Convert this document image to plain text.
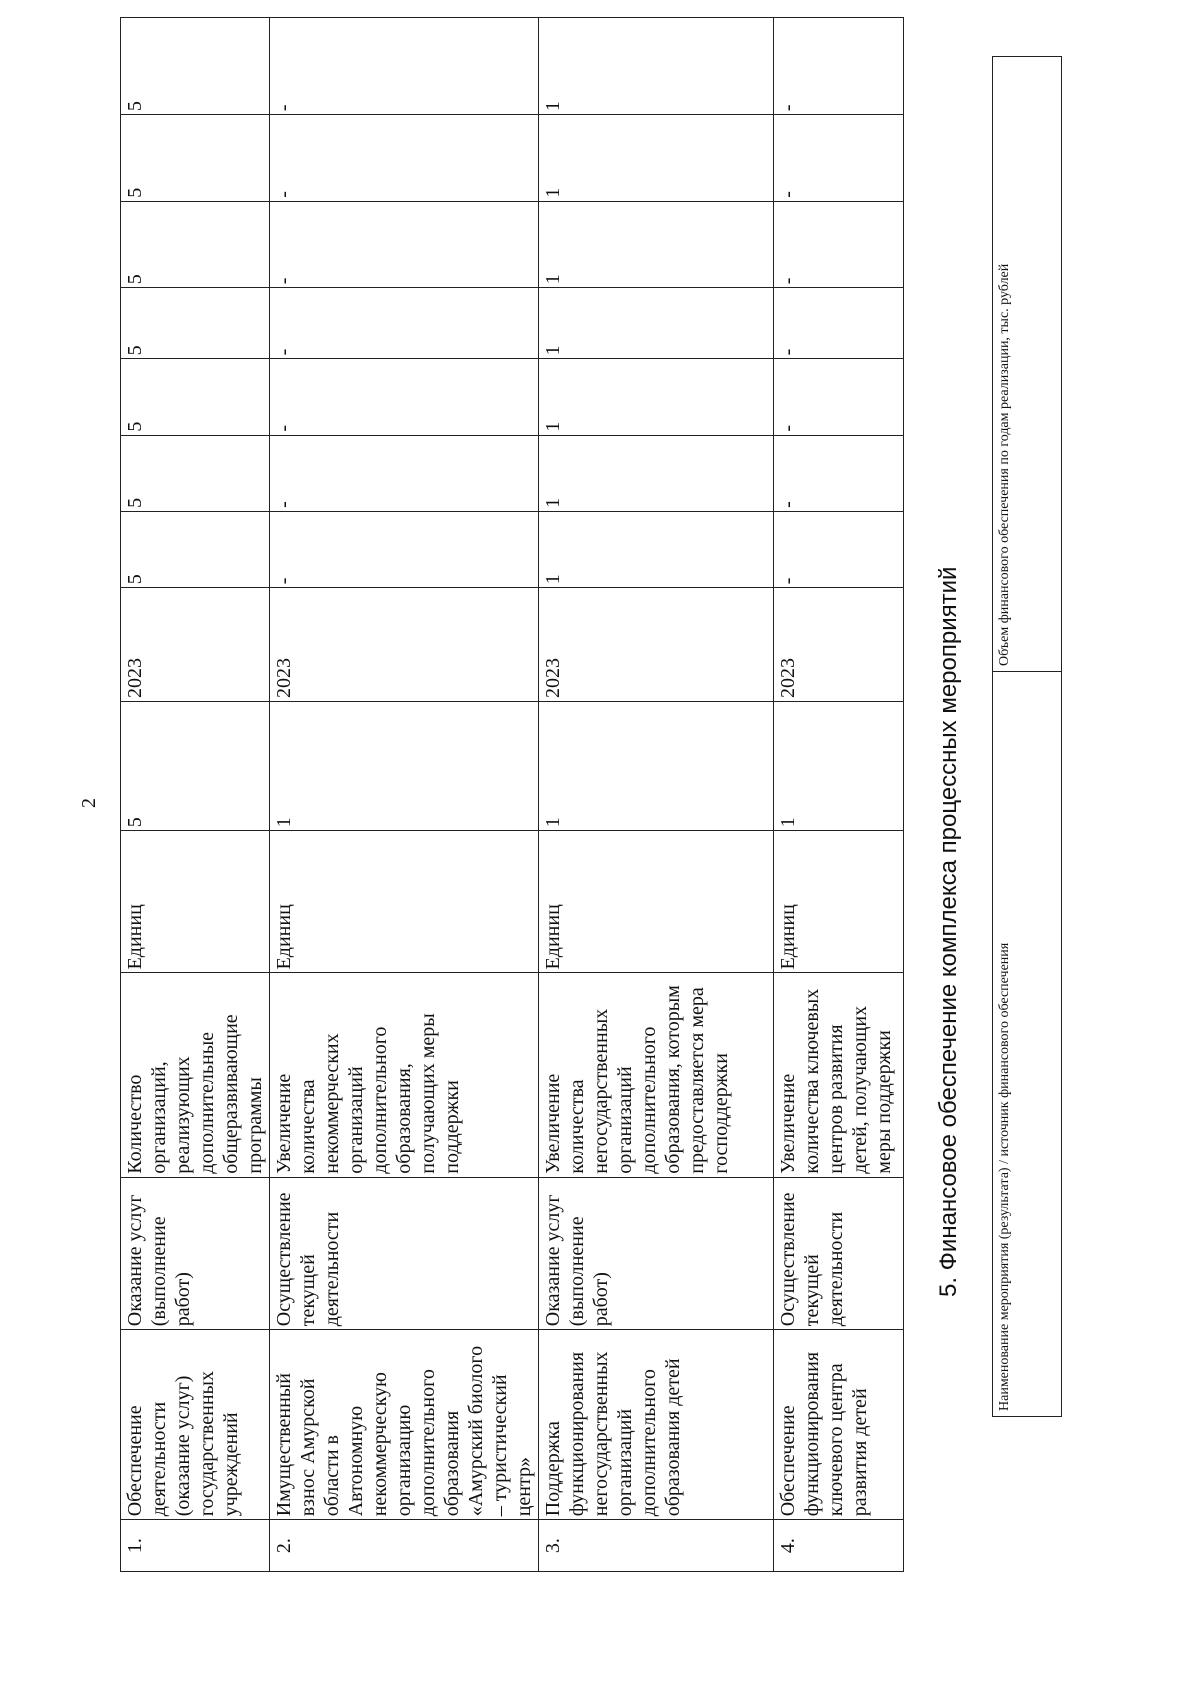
2
1.	Обеспечение деятельности (оказание услуг) государственных учреждений	Оказание услуг (выполнение работ)	Количество организаций, реализующих дополнительные общеразвивающие программы	Единиц	5	2023	5	5	5	5	5	5	5
2.	Имущественный взнос Амурской области в Автономную некоммерческую организацию дополнительного образования «Амурский биолого – туристический центр»	Осуществление текущей деятельности	Увеличение количества некоммерческих организаций дополнительного образования, получающих меры поддержки	Единиц	1	2023	-	-	-	-	-	-	-
3.	Поддержка функционирования негосударственных организаций дополнительного образования детей	Оказание услуг (выполнение работ)	Увеличение количества негосударственных организаций дополнительного образования, которым предоставляется мера господдержки	Единиц	1	2023	1	1	1	1	1	1	1
4.	Обеспечение функционирования ключевого центра развития детей	Осуществление текущей деятельности	Увеличение количества ключевых центров развития детей, получающих меры поддержки	Единиц	1	2023	-	-	-	-	-	-	-
5. Финансовое обеспечение комплекса процессных мероприятий	Наименование мероприятия (результата) / источник финансового обеспечения	Объем финансового обеспечения по годам реализации, тыс. рублей
